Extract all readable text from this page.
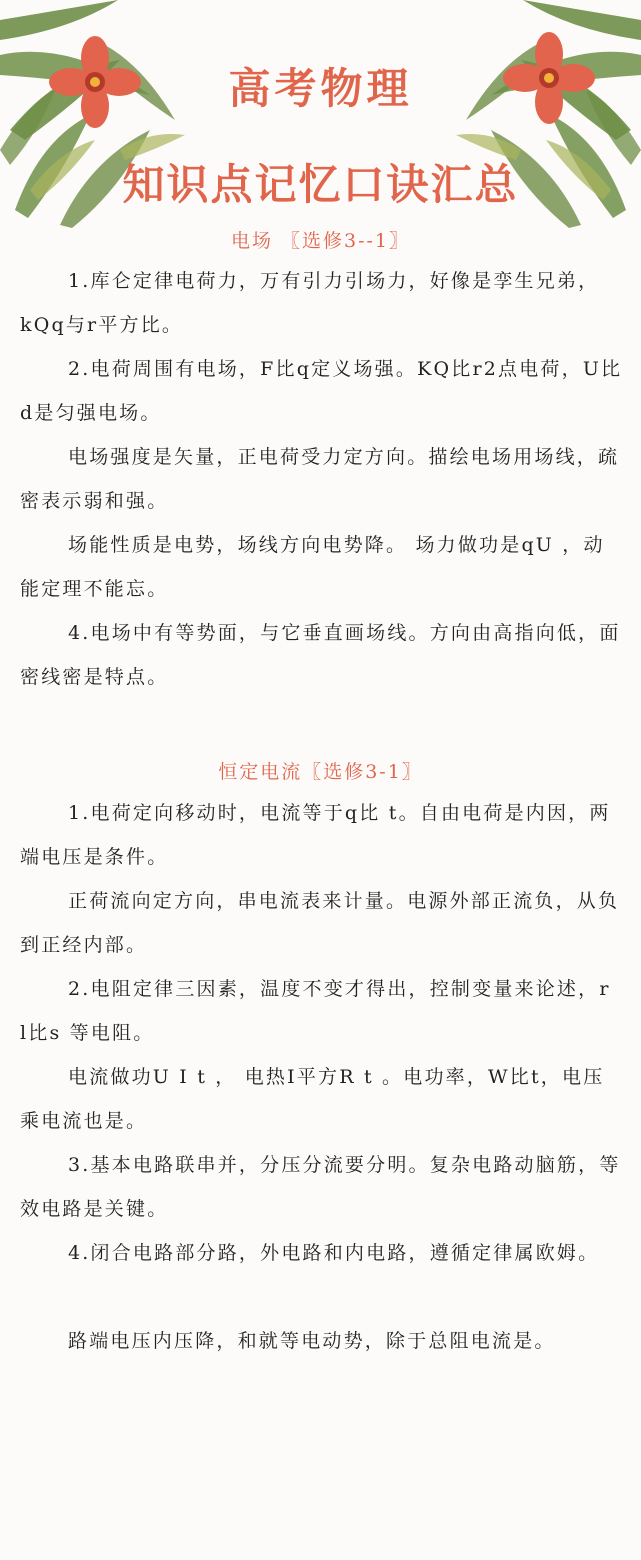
高考物理
知识点记忆口诀汇总
电场 〖选修3--1〗

1.库仑定律电荷力，万有引力引场力，好像是孪生兄弟，kQq与r平方比。

2.电荷周围有电场，F比q定义场强。KQ比r2点电荷，U比d是匀强电场。

电场强度是矢量，正电荷受力定方向。描绘电场用场线，疏密表示弱和强。

场能性质是电势，场线方向电势降。 场力做功是qU ，动能定理不能忘。

4.电场中有等势面，与它垂直画场线。方向由高指向低，面密线密是特点。

恒定电流〖选修3-1〗

1.电荷定向移动时，电流等于q比 t。自由电荷是内因，两端电压是条件。

正荷流向定方向，串电流表来计量。电源外部正流负，从负到正经内部。

2.电阻定律三因素，温度不变才得出，控制变量来论述，r l比s 等电阻。

电流做功U I t ， 电热I平方R t 。电功率，W比t，电压乘电流也是。

3.基本电路联串并，分压分流要分明。复杂电路动脑筋，等效电路是关键。

4.闭合电路部分路，外电路和内电路，遵循定律属欧姆。

路端电压内压降，和就等电动势，除于总阻电流是。
